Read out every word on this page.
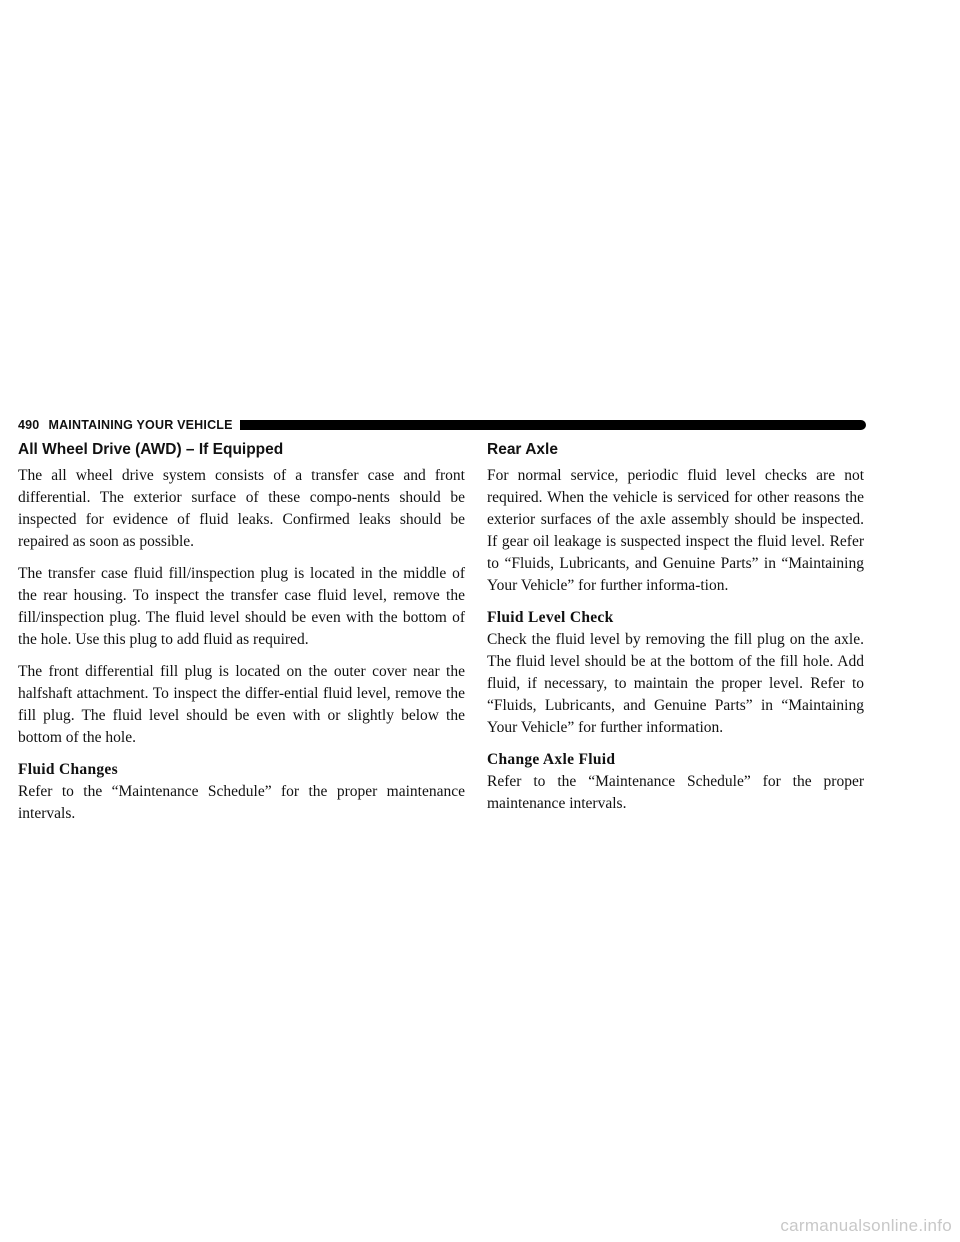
490 MAINTAINING YOUR VEHICLE
All Wheel Drive (AWD) – If Equipped

The all wheel drive system consists of a transfer case and front differential. The exterior surface of these compo-nents should be inspected for evidence of fluid leaks. Confirmed leaks should be repaired as soon as possible.

The transfer case fluid fill/inspection plug is located in the middle of the rear housing. To inspect the transfer case fluid level, remove the fill/inspection plug. The fluid level should be even with the bottom of the hole. Use this plug to add fluid as required.

The front differential fill plug is located on the outer cover near the halfshaft attachment. To inspect the differ-ential fluid level, remove the fill plug. The fluid level should be even with or slightly below the bottom of the hole.

Fluid Changes

Refer to the “Maintenance Schedule” for the proper maintenance intervals.

Rear Axle

For normal service, periodic fluid level checks are not required. When the vehicle is serviced for other reasons the exterior surfaces of the axle assembly should be inspected. If gear oil leakage is suspected inspect the fluid level. Refer to “Fluids, Lubricants, and Genuine Parts” in “Maintaining Your Vehicle” for further informa-tion.

Fluid Level Check

Check the fluid level by removing the fill plug on the axle. The fluid level should be at the bottom of the fill hole. Add fluid, if necessary, to maintain the proper level. Refer to “Fluids, Lubricants, and Genuine Parts” in “Maintaining Your Vehicle” for further information.

Change Axle Fluid

Refer to the “Maintenance Schedule” for the proper maintenance intervals.

carmanualsonline.info
